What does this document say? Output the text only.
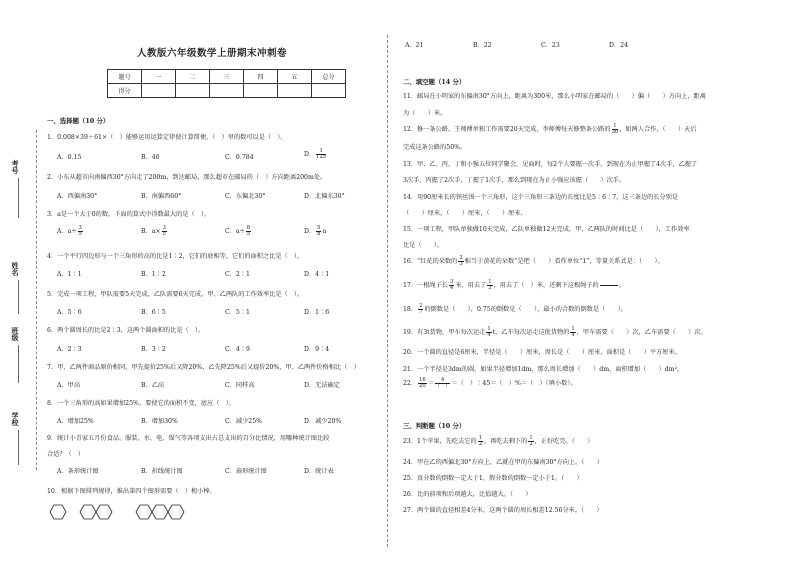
考号
姓名
班级
学校
人教版六年级数学上册期末冲刺卷
题号	一	二	三	四	五	总分
得分						
一、选择题（10 分）
1．0.008×39＋61×（　）能够运用运算定律使计算简便，（　）里的数可以是（　）。
A．0.15	B．46	C．0.784	D． $\frac{1}{125}$
2．小东从超市向南偏西30°方向走了200m，到达邮局，那么超市在邮局的（　）方向距离200m处。
A．西偏南30°	B．南偏西60°	C．东偏北30°	D．北偏东30°
3．a是一个大于0的数，下面的算式中得数最大的是（　）。
A．$a\div \frac{3}{5}$	B．$a\times \frac{3}{5}$	C．$a\div \frac{8}{5}$	D． $\frac{5}{8}$ a
4．一个平行四边形与一个三角形的高的比是1∶2，它们的底相等，它们的面积之比是（　）。
A．1∶1	B．1∶2	C．2∶1	D．4∶1
5．完成一项工程，甲队需要5天完成，乙队需要6天完成，甲、乙两队的工作效率比是（　）。
A．5∶6	B．6∶5	C．5∶1	D．1∶6
6．两个圆周长的比是2∶3，这两个圆面积的比是（　）。
A．2∶3	B．3∶2	C．4∶9	D．9∶4
7．甲、乙两件商品原价相同，甲先提价25%后又降20%，乙先降25%后又提价20%，甲、乙两件价格相比（　）
A．甲高	B．乙高	C．同样高	D．无法确定
8．一个三角形的高如果增加25%，要使它的面积不变，底应（　）。
A．增加25%	B．增加30%	C．减少25%	D．减少20%
9．统计小青家五月份食品、服装、水、电、煤气等各项支出占总支出的百分比情况，用哪种统计图比较
合适？（　）
A．条形统计图	B．折线统计图	C．扇形统计图	D．统计表
10．根据下图排列规律，推出第四个图形需要（　）根小棒。
A．21	B．22	C．23	D．24
二、填空题（14 分）
11．邮局在小明家的东偏南30°方向上，距离为300米，那么小明家在邮局的（　　）偏（　　）方向上，距离
为（　　）米。
12．修一条公路，王师傅单独工作需要20天完成，李师傅每天修整条公路的 $\frac{1}{30}$ ，如两人合作，（　　）天后
完成这条公路的50%。
13．甲、乙、丙、丁和小强五位同学聚会，见面时，每2个人要握一次手，到现在为止甲握了4次手，乙握了
3次手，丙握了2次手，丁握了1次手，那么到现在为止小强应该握（　　）次手。
14．用90厘米长的铁丝围一个三角形，这个三角形三条边的长度比是5∶6∶7，这三条边的长分别是
（　　）厘米，（　　）厘米，（　　）厘米。
15．一项工程，甲队单独做10天完成，乙队单独做12天完成，甲、乙两队的时间比是（　　），工作效率
比是（　　）。
16．“红花的朵数的 $\frac{2}{3}$ 相当于黄花的朵数”是把（　　）看作单位“1”，等量关系式是：（　　）。
17．一根绳子长 $\frac{3}{4}$ 米，用去了 $\frac{1}{3}$ ，用去了（　）米，还剩下这根绳子的

	。
18． $\frac{2}{7}$ 的倒数是（　　），0.75的倒数是（　　），最小的合数的倒数是（　　）。
19．有3t货物，甲车每次运走 $\frac{1}{4}$ t，乙车每次运走这批货物的 $\frac{1}{4}$ ，甲车需要（　　）次，乙车需要（　　）次。
20．一个圆的直径是6厘米，半径是（　　）厘米，周长是（　　）厘米，面积是（　　）平方厘米。
21．一个半径是3dm的圆，如果半径增加1dm，那么周长增加（　　）dm，面积增加（　　）dm²。
22． $\frac{16}{20} = \frac{4}{( )}$ ＝（　）∶45＝（　）%＝（　）（填小数）。
三、判断题（10 分）
23．1个苹果，先吃去它的 $\frac{1}{2}$ ，再吃去剩下的 $\frac{1}{2}$ ，正好吃完。（　　）
24．甲在乙的西偏北30°方向上，乙就在甲的东偏南30°方向上。（　　）
25．真分数的倒数一定大于1，假分数的倒数一定小于1。（　　）
26．比的前项和后项越大，比值越大。（　　）
27．两个圆的直径相差4分米，这两个圆的周长相差12.56分米。（　　）
